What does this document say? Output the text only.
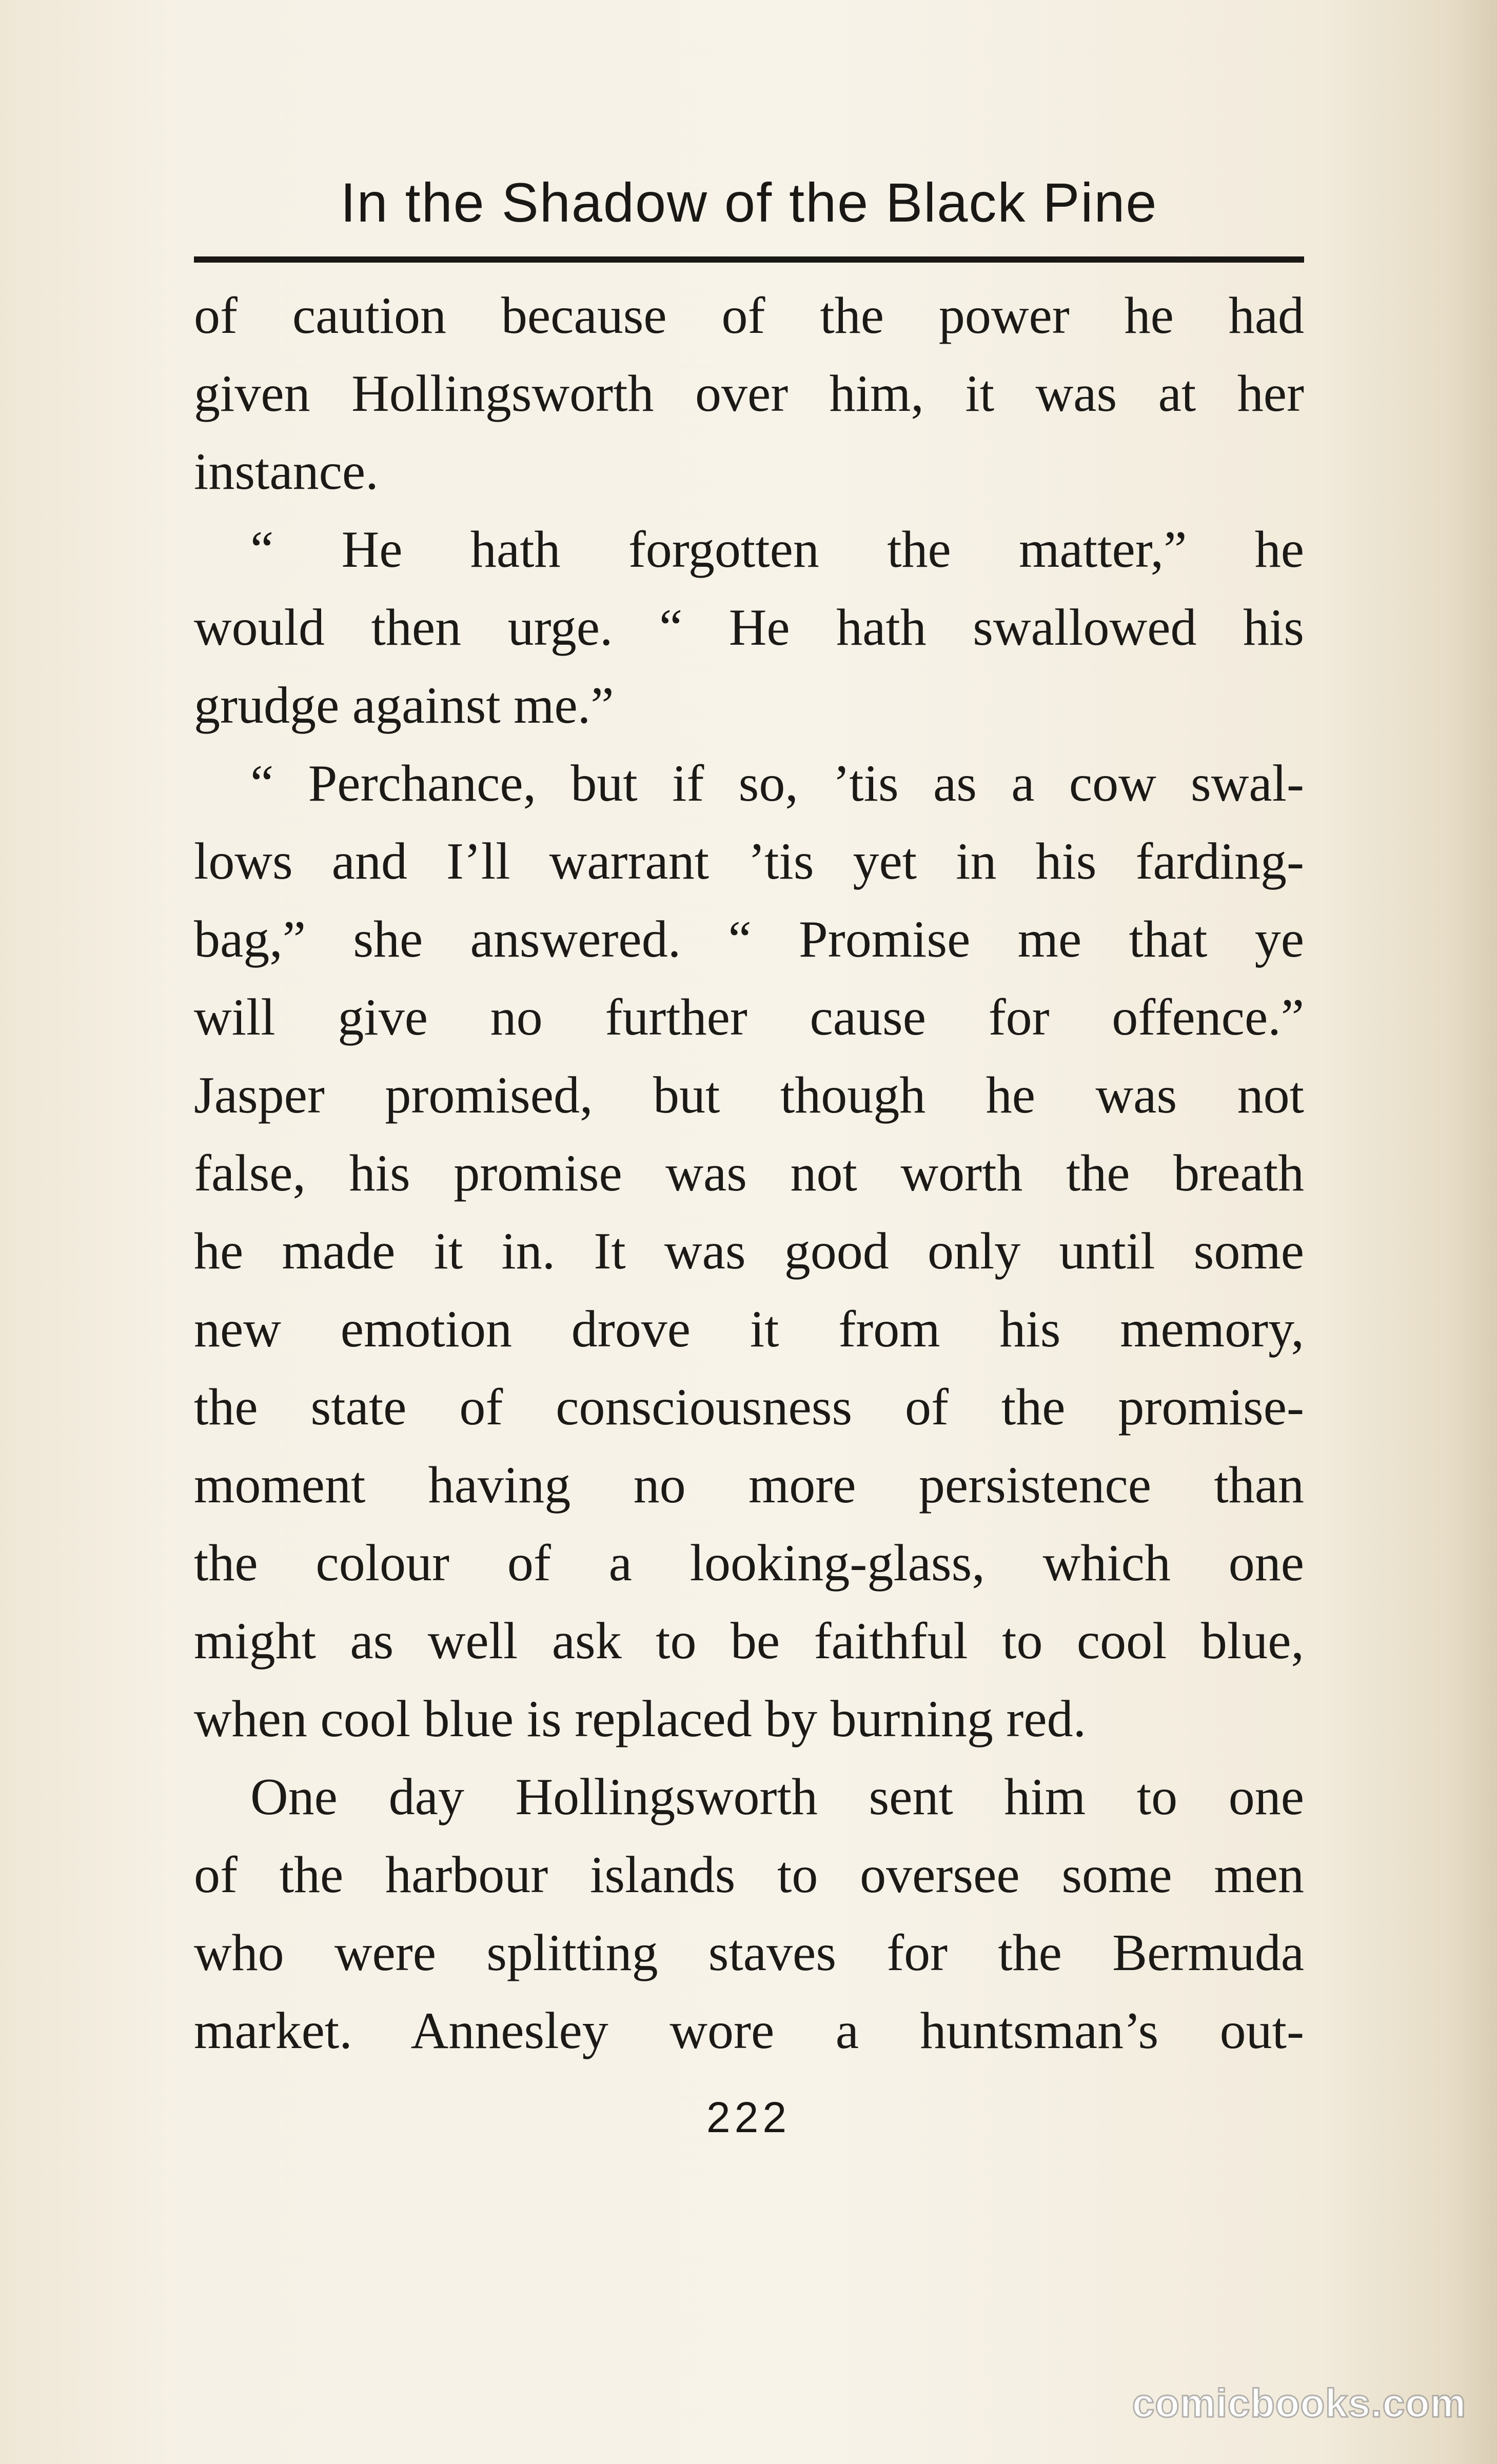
In the Shadow of the Black Pine
of caution because of the power he had
given Hollingsworth over him, it was at her
instance.
“ He hath forgotten the matter,” he
would then urge. “ He hath swallowed his
grudge against me.”
“ Perchance, but if so, ’tis as a cow swal-
lows and I’ll warrant ’tis yet in his farding-
bag,” she answered. “ Promise me that ye
will give no further cause for offence.”
Jasper promised, but though he was not
false, his promise was not worth the breath
he made it in. It was good only until some
new emotion drove it from his memory,
the state of consciousness of the promise-
moment having no more persistence than
the colour of a looking-glass, which one
might as well ask to be faithful to cool blue,
when cool blue is replaced by burning red.
One day Hollingsworth sent him to one
of the harbour islands to oversee some men
who were splitting staves for the Bermuda
market. Annesley wore a huntsman’s out-
222
comicbooks.com
